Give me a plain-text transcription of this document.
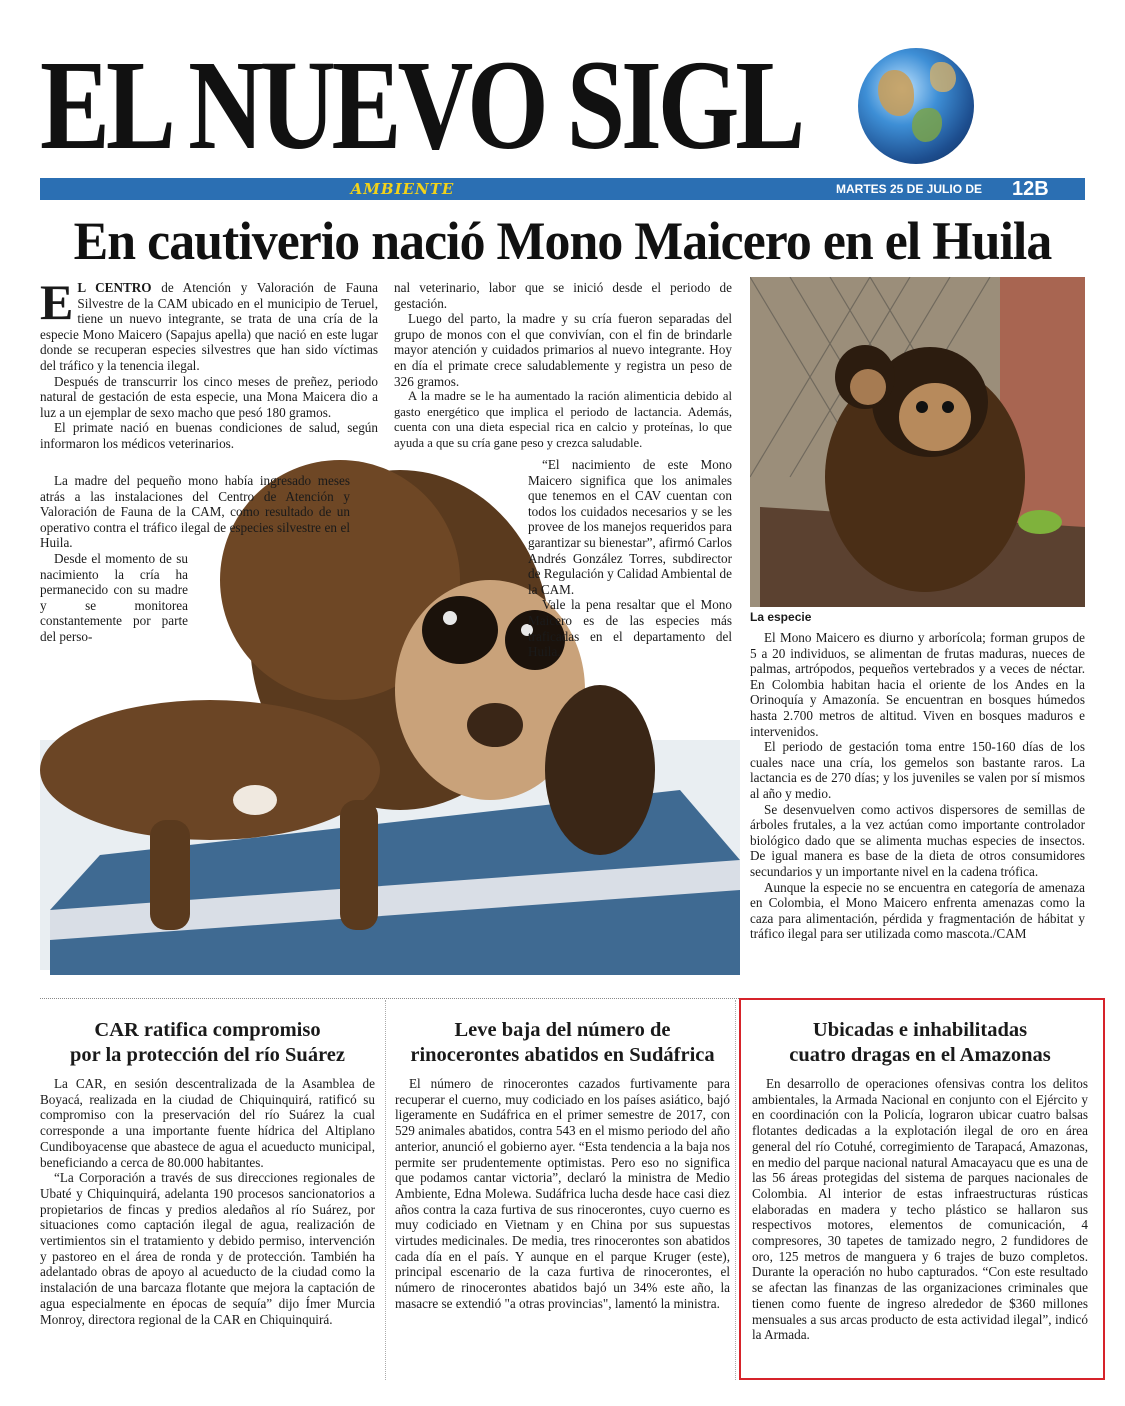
EL NUEVO SIGL
AMBIENTE	MARTES 25 DE JULIO DE 2017
12B
En cautiverio nació Mono Maicero en el Huila

E L CENTRO de Atención y Valoración de Fauna Silvestre de la CAM ubicado en el municipio de Teruel, tiene un nuevo integrante, se trata de una cría de la especie Mono Maicero (Sapajus apella) que nació en este lugar donde se recuperan especies silvestres que han sido víctimas del tráfico y la tenencia ilegal.

Después de transcurrir los cinco meses de preñez, periodo natural de gestación de esta especie, una Mona Maicera dio a luz a un ejemplar de sexo macho que pesó 180 gramos.

El primate nació en buenas condiciones de salud, según informaron los médicos veterinarios.

La madre del pequeño mono había ingresado meses atrás a las instalaciones del Centro de Atención y Valoración de Fauna de la CAM, como resultado de un operativo contra el tráfico ilegal de especies silvestre en el Huila.

Desde el momento de su nacimiento la cría ha permanecido con su madre y se monitorea constantemente por parte del perso-

nal veterinario, labor que se inició desde el periodo de gestación.

Luego del parto, la madre y su cría fueron separadas del grupo de monos con el que convivían, con el fin de brindarle mayor atención y cuidados primarios al nuevo integrante. Hoy en día el primate crece saludablemente y registra un peso de 326 gramos.

A la madre se le ha aumentado la ración alimenticia debido al gasto energético que implica el periodo de lactancia. Además, cuenta con una dieta especial rica en calcio y proteínas, lo que ayuda a que su cría gane peso y crezca saludable.

“El nacimiento de este Mono Maicero significa que los animales que tenemos en el CAV cuentan con todos los cuidados necesarios y se les provee de los manejos requeridos para garantizar su bienestar”, afirmó Carlos Andrés González Torres, subdirector de Regulación y Calidad Ambiental de la CAM.

Vale la pena resaltar que el Mono Maicero es de las especies más traficadas en el departamento del Huila.

La especie

El Mono Maicero es diurno y arborícola; forman grupos de 5 a 20 individuos, se alimentan de frutas maduras, nueces de palmas, artrópodos, pequeños vertebrados y a veces de néctar. En Colombia habitan hacia el oriente de los Andes en la Orinoquía y Amazonía. Se encuentran en bosques húmedos hasta 2.700 metros de altitud. Viven en bosques maduros e intervenidos.

El periodo de gestación toma entre 150-160 días de los cuales nace una cría, los gemelos son bastante raros. La lactancia es de 270 días; y los juveniles se valen por sí mismos al año y medio.

Se desenvuelven como activos dispersores de semillas de árboles frutales, a la vez actúan como importante controlador biológico dado que se alimenta muchas especies de insectos. De igual manera es base de la dieta de otros consumidores secundarios y un importante nivel en la cadena trófica.

Aunque la especie no se encuentra en categoría de amenaza en Colombia, el Mono Maicero enfrenta amenazas como la caza para alimentación, pérdida y fragmentación de hábitat y tráfico ilegal para ser utilizada como mascota./CAM

CAR ratifica compromiso
por la protección del río Suárez

La CAR, en sesión descentralizada de la Asamblea de Boyacá, realizada en la ciudad de Chiquinquirá, ratificó su compromiso con la preservación del río Suárez la cual corresponde a una importante fuente hídrica del Altiplano Cundiboyacense que abastece de agua el acueducto municipal, beneficiando a cerca de 80.000 habitantes.

“La Corporación a través de sus direcciones regionales de Ubaté y Chiquinquirá, adelanta 190 procesos sancionatorios a propietarios de fincas y predios aledaños al río Suárez, por situaciones como captación ilegal de agua, realización de vertimientos sin el tratamiento y debido permiso, intervención y pastoreo en el área de ronda y de protección. También ha adelantado obras de apoyo al acueducto de la ciudad como la instalación de una barcaza flotante que mejora la captación de agua especialmente en épocas de sequía” dijo Ímer Murcia Monroy, directora regional de la CAR en Chiquinquirá.

Leve baja del número de
rinocerontes abatidos en Sudáfrica

El número de rinocerontes cazados furtivamente para recuperar el cuerno, muy codiciado en los países asiático, bajó ligeramente en Sudáfrica en el primer semestre de 2017, con 529 animales abatidos, contra 543 en el mismo periodo del año anterior, anunció el gobierno ayer. “Esta tendencia a la baja nos permite ser prudentemente optimistas. Pero eso no significa que podamos cantar victoria”, declaró la ministra de Medio Ambiente, Edna Molewa. Sudáfrica lucha desde hace casi diez años contra la caza furtiva de sus rinocerontes, cuyo cuerno es muy codiciado en Vietnam y en China por sus supuestas virtudes medicinales. De media, tres rinocerontes son abatidos cada día en el país. Y aunque en el parque Kruger (este), principal escenario de la caza furtiva de rinocerontes, el número de rinocerontes abatidos bajó un 34% este año, la masacre se extendió "a otras provincias", lamentó la ministra.

Ubicadas e inhabilitadas
cuatro dragas en el Amazonas

En desarrollo de operaciones ofensivas contra los delitos ambientales, la Armada Nacional en conjunto con el Ejército y en coordinación con la Policía, lograron ubicar cuatro balsas flotantes dedicadas a la explotación ilegal de oro en área general del río Cotuhé, corregimiento de Tarapacá, Amazonas, en medio del parque nacional natural Amacayacu que es una de las 56 áreas protegidas del sistema de parques nacionales de Colombia. Al interior de estas infraestructuras rústicas elaboradas en madera y techo plástico se hallaron sus respectivos motores, elementos de comunicación, 4 compresores, 30 tapetes de tamizado negro, 2 fundidores de oro, 125 metros de manguera y 6 trajes de buzo completos. Durante la operación no hubo capturados. “Con este resultado se afectan las finanzas de las organizaciones criminales que tienen como fuente de ingreso alrededor de $360 millones mensuales a sus arcas producto de esta actividad ilegal”, indicó la Armada.
